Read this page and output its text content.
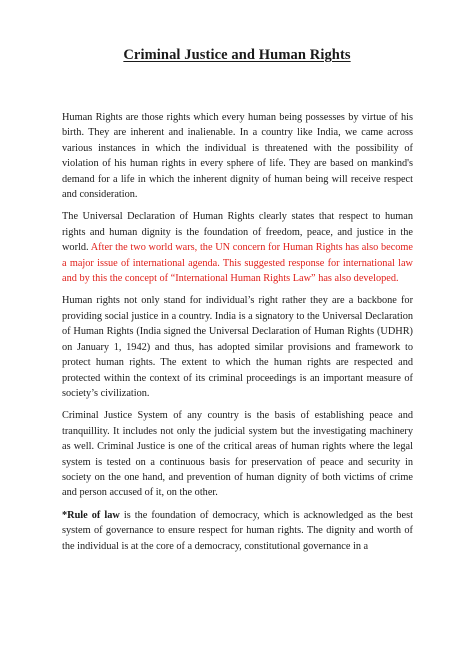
Criminal Justice and Human Rights

Human Rights are those rights which every human being possesses by virtue of his birth. They are inherent and inalienable. In a country like India, we came across various instances in which the individual is threatened with the possibility of violation of his human rights in every sphere of life. They are based on mankind's demand for a life in which the inherent dignity of human being will receive respect and consideration.

The Universal Declaration of Human Rights clearly states that respect to human rights and human dignity is the foundation of freedom, peace, and justice in the world. After the two world wars, the UN concern for Human Rights has also become a major issue of international agenda. This suggested response for international law and by this the concept of “International Human Rights Law” has also developed.

Human rights not only stand for individual’s right rather they are a backbone for providing social justice in a country. India is a signatory to the Universal Declaration of Human Rights (India signed the Universal Declaration of Human Rights (UDHR) on January 1, 1942) and thus, has adopted similar provisions and framework to protect human rights. The extent to which the human rights are respected and protected within the context of its criminal proceedings is an important measure of society’s civilization.

Criminal Justice System of any country is the basis of establishing peace and tranquillity. It includes not only the judicial system but the investigating machinery as well. Criminal Justice is one of the critical areas of human rights where the legal system is tested on a continuous basis for preservation of peace and security in society on the one hand, and prevention of human dignity of both victims of crime and person accused of it, on the other.

*Rule of law is the foundation of democracy, which is acknowledged as the best system of governance to ensure respect for human rights. The dignity and worth of the individual is at the core of a democracy, constitutional governance in a
